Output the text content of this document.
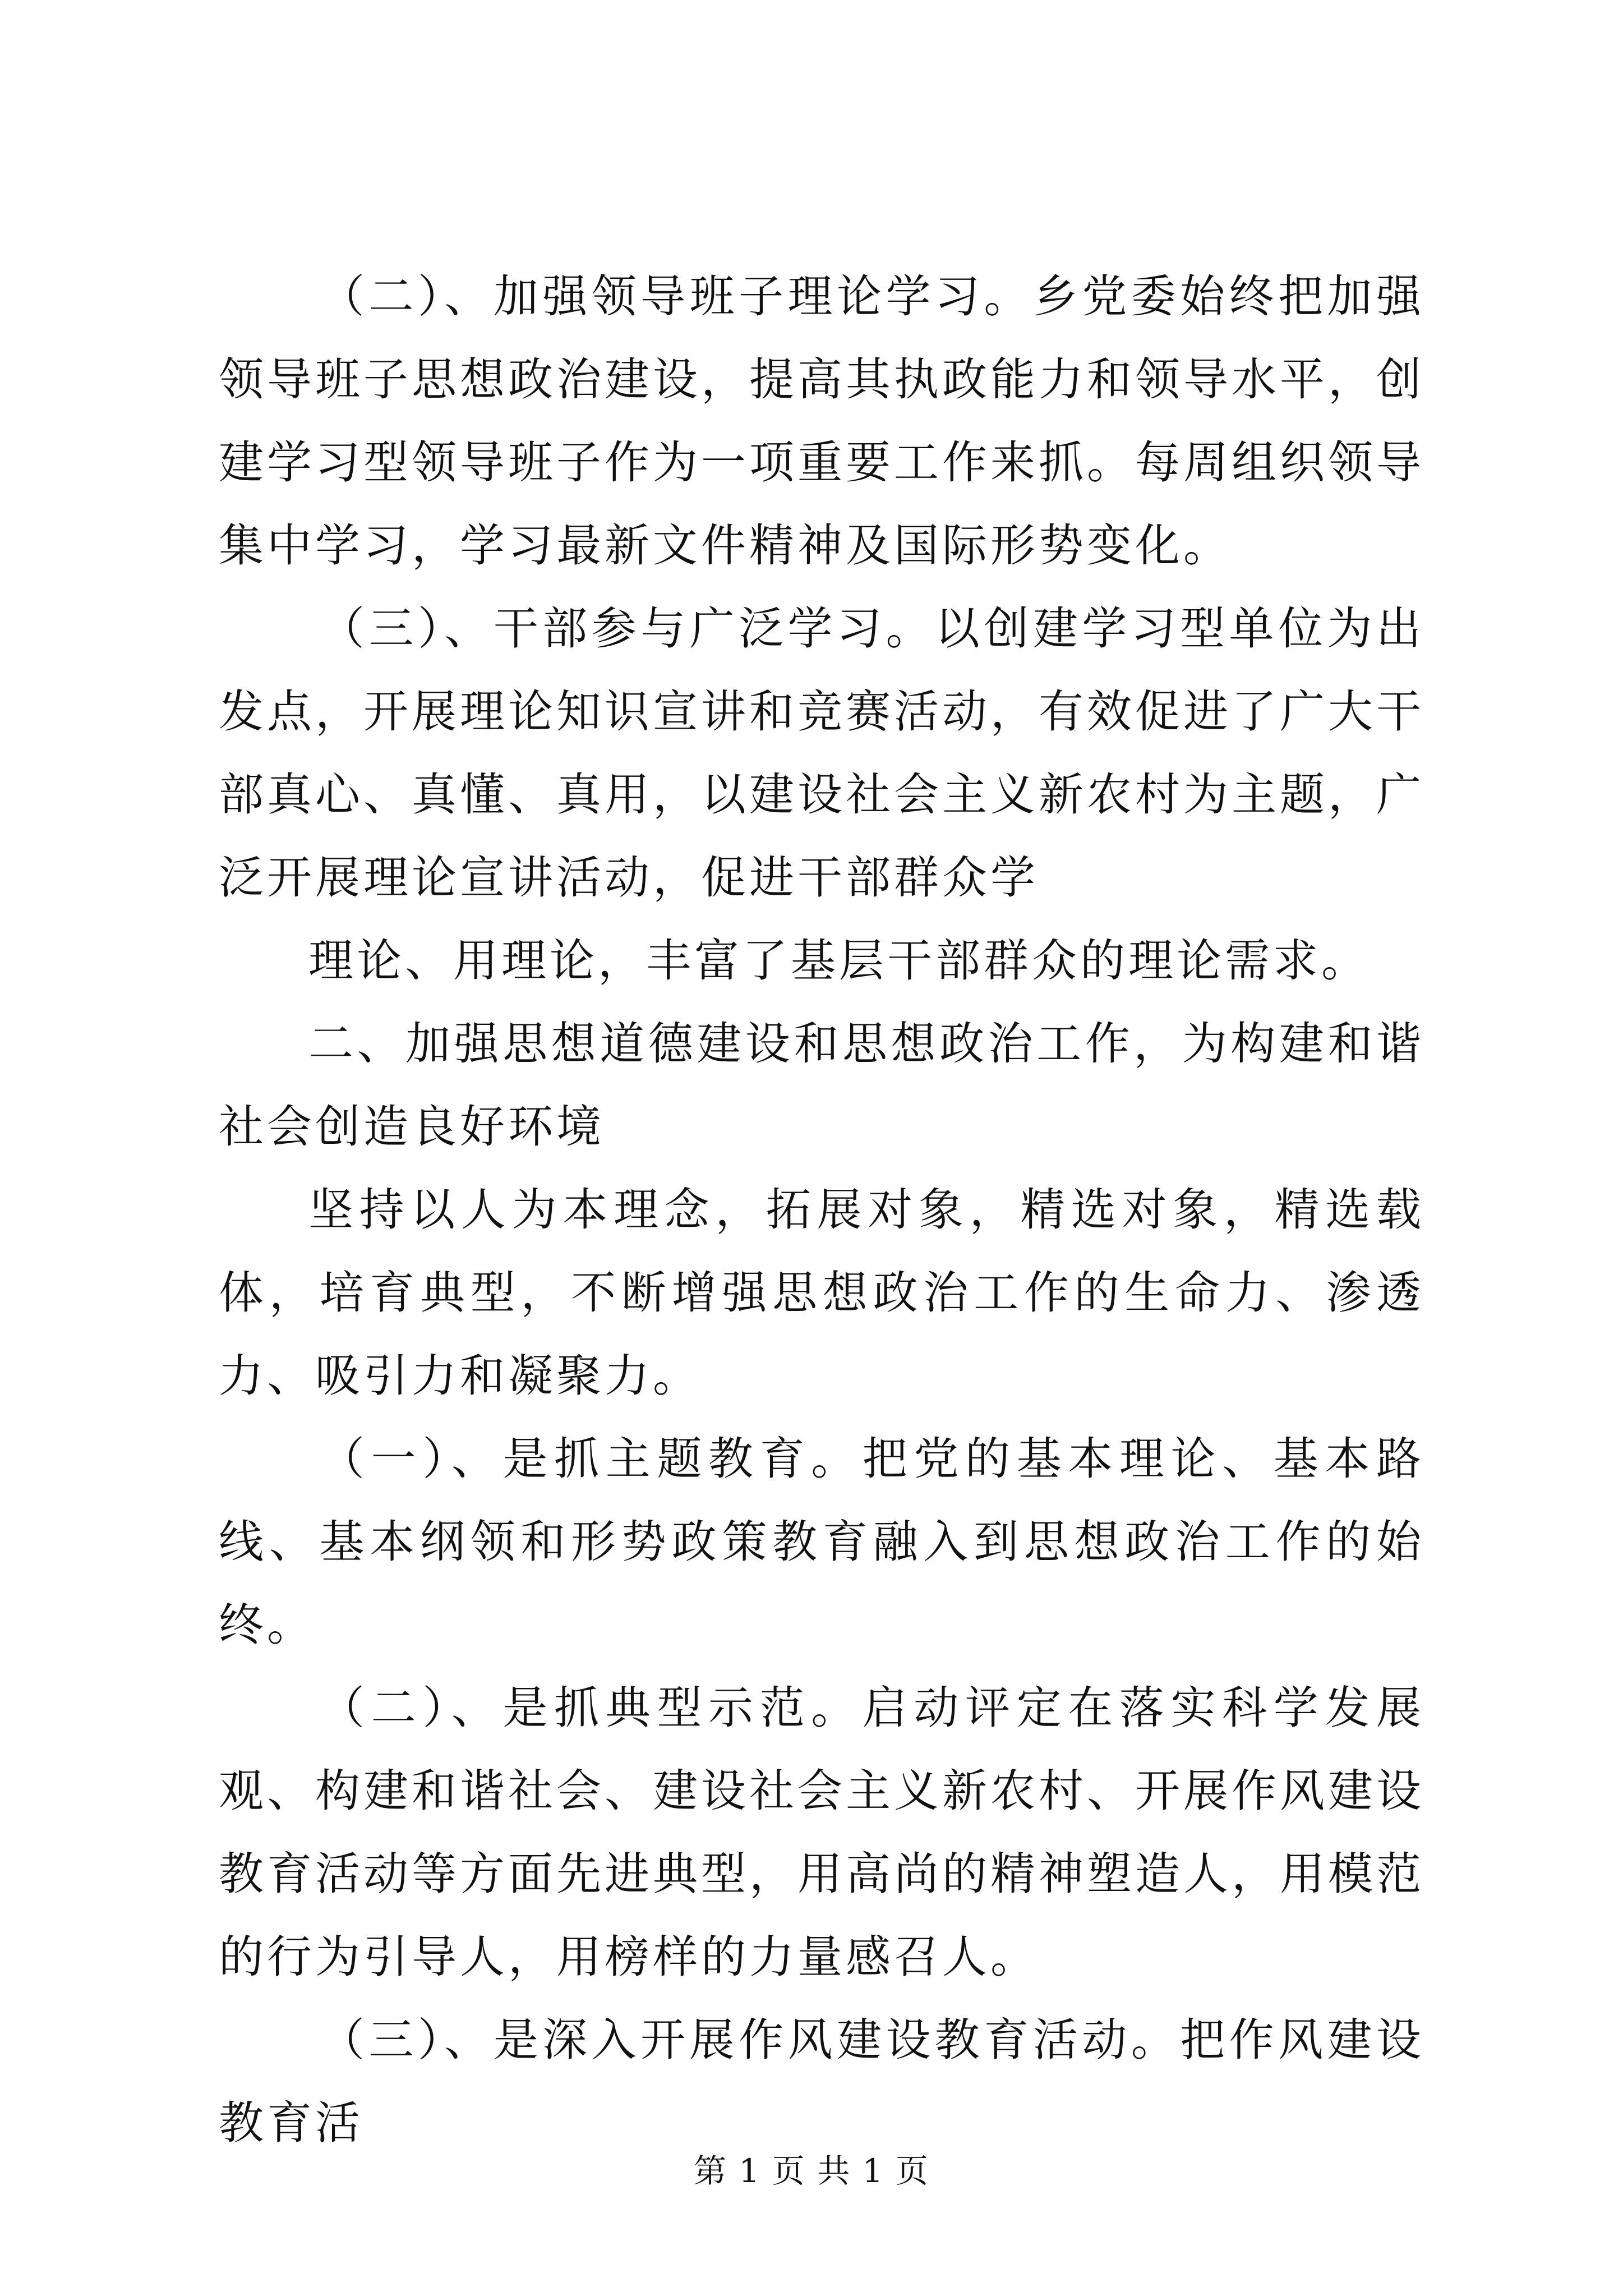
（二）、加强领导班子理论学习。乡党委始终把加强领导班子思想政治建设，提高其执政能力和领导水平，创建学习型领导班子作为一项重要工作来抓。每周组织领导集中学习，学习最新文件精神及国际形势变化。

（三）、干部参与广泛学习。以创建学习型单位为出发点，开展理论知识宣讲和竞赛活动，有效促进了广大干部真心、真懂、真用，以建设社会主义新农村为主题，广泛开展理论宣讲活动，促进干部群众学

理论、用理论，丰富了基层干部群众的理论需求。

二、加强思想道德建设和思想政治工作，为构建和谐社会创造良好环境

坚持以人为本理念，拓展对象，精选对象，精选载体，培育典型，不断增强思想政治工作的生命力、渗透力、吸引力和凝聚力。

（一）、是抓主题教育。把党的基本理论、基本路线、基本纲领和形势政策教育融入到思想政治工作的始终。

（二）、是抓典型示范。启动评定在落实科学发展观、构建和谐社会、建设社会主义新农村、开展作风建设教育活动等方面先进典型，用高尚的精神塑造人，用模范的行为引导人，用榜样的力量感召人。

（三）、是深入开展作风建设教育活动。把作风建设教育活

第 1 页 共 1 页
